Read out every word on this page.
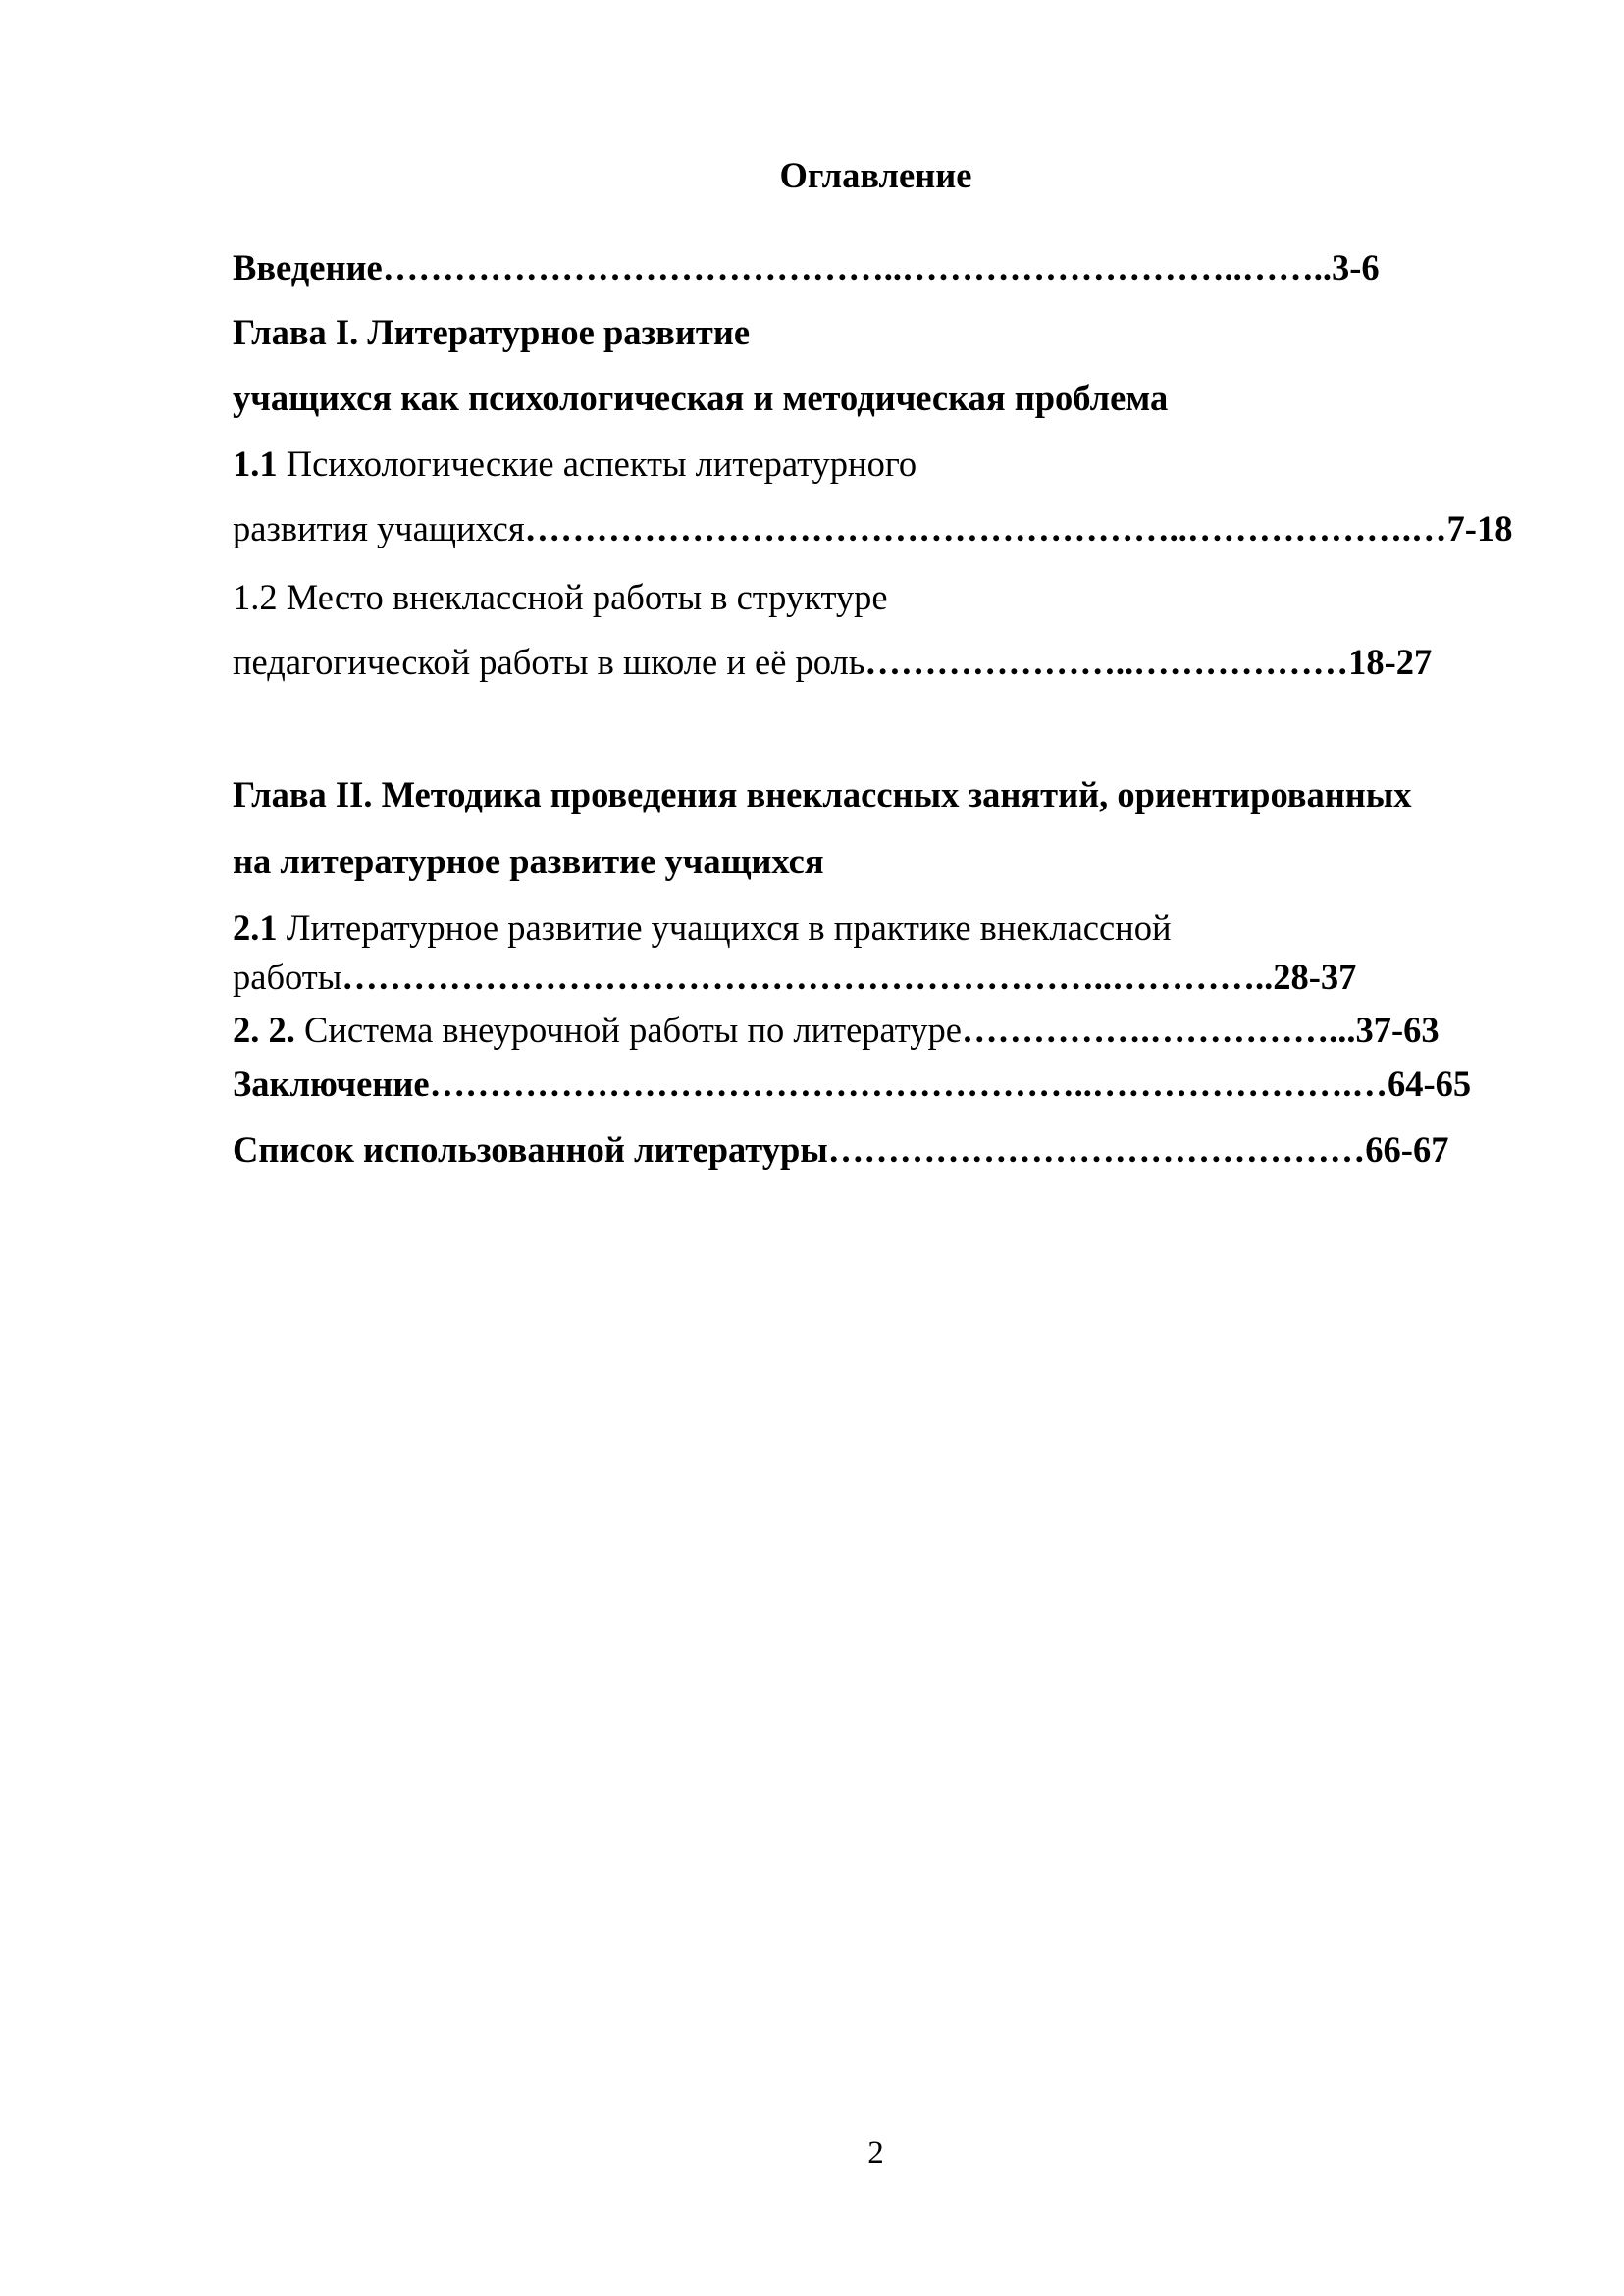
Оглавление
Введение……………………………………..………………………..……..3-6
Глава I. Литературное развитие
учащихся как психологическая и методическая проблема
1.1 Психологические аспекты литературного
развития учащихся………………………………………………..……………….…7-18
1.2 Место внеклассной работы в структуре
педагогической работы в школе и её роль…………………..………………18-27
Глава II. Методика проведения внеклассных занятий, ориентированных
на литературное развитие учащихся
2.1 Литературное развитие учащихся в практике внеклассной
работы………………………………………………………..…………..28-37
2. 2. Система внеурочной работы по литературе…………….……………...37-63
Заключение………………………………………………..………………….…64-65
Список использованной литературы………………………………………66-67
2
